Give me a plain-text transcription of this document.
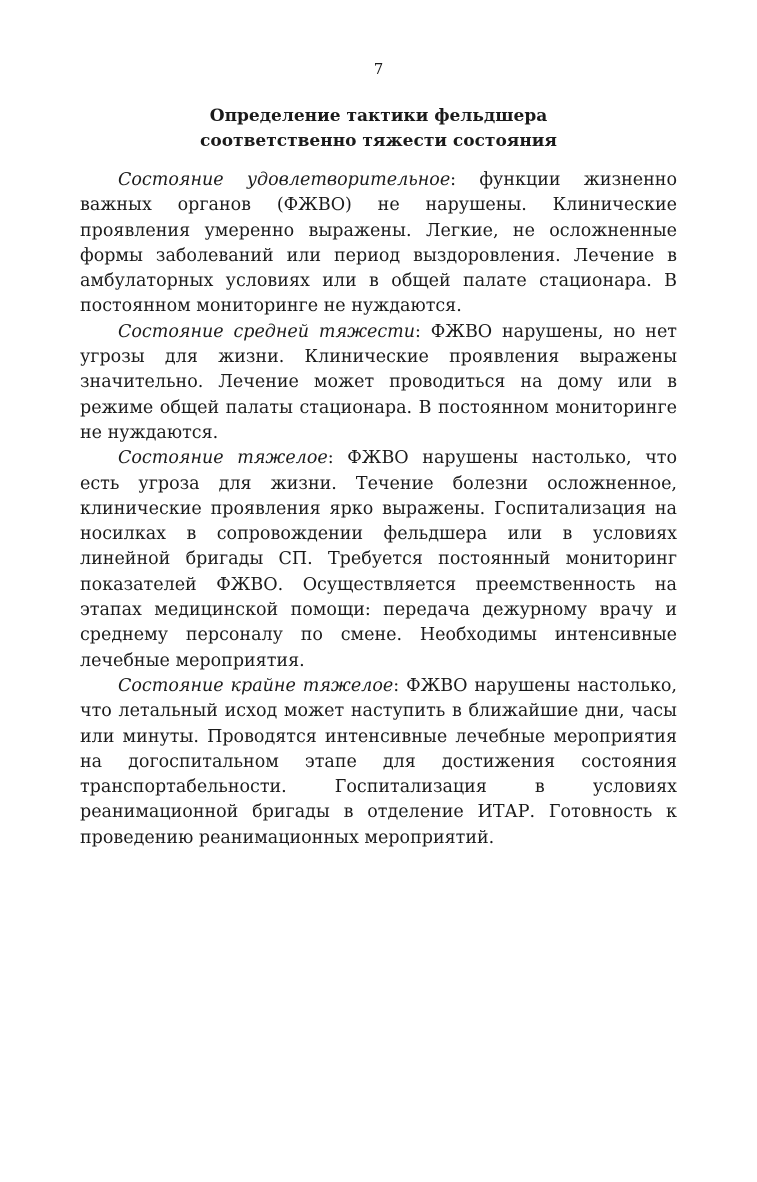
7
Определение тактики фельдшера
соответственно тяжести состояния

Состояние удовлетворительное: функции жизненно важных органов (ФЖВО) не нарушены. Клинические проявления умеренно выражены. Легкие, не осложненные формы заболеваний или период выздоровления. Лечение в амбулаторных условиях или в общей палате стационара. В постоянном мониторинге не нуждаются.

Состояние средней тяжести: ФЖВО нарушены, но нет угрозы для жизни. Клинические проявления выражены значительно. Лечение может проводиться на дому или в режиме общей палаты стационара. В постоянном мониторинге не нуждаются.

Состояние тяжелое: ФЖВО нарушены настолько, что есть угроза для жизни. Течение болезни осложненное, клинические проявления ярко выражены. Госпитализация на носилках в сопровождении фельдшера или в условиях линейной бригады СП. Требуется постоянный мониторинг показателей ФЖВО. Осуществляется преемственность на этапах медицинской помощи: передача дежурному врачу и среднему персоналу по смене. Необходимы интенсивные лечебные мероприятия.

Состояние крайне тяжелое: ФЖВО нарушены настолько, что летальный исход может наступить в ближайшие дни, часы или минуты. Проводятся интенсивные лечебные мероприятия на догоспитальном этапе для достижения состояния транспортабельности. Госпитализация в условиях реанимационной бригады в отделение ИТАР. Готовность к проведению реанимационных мероприятий.
